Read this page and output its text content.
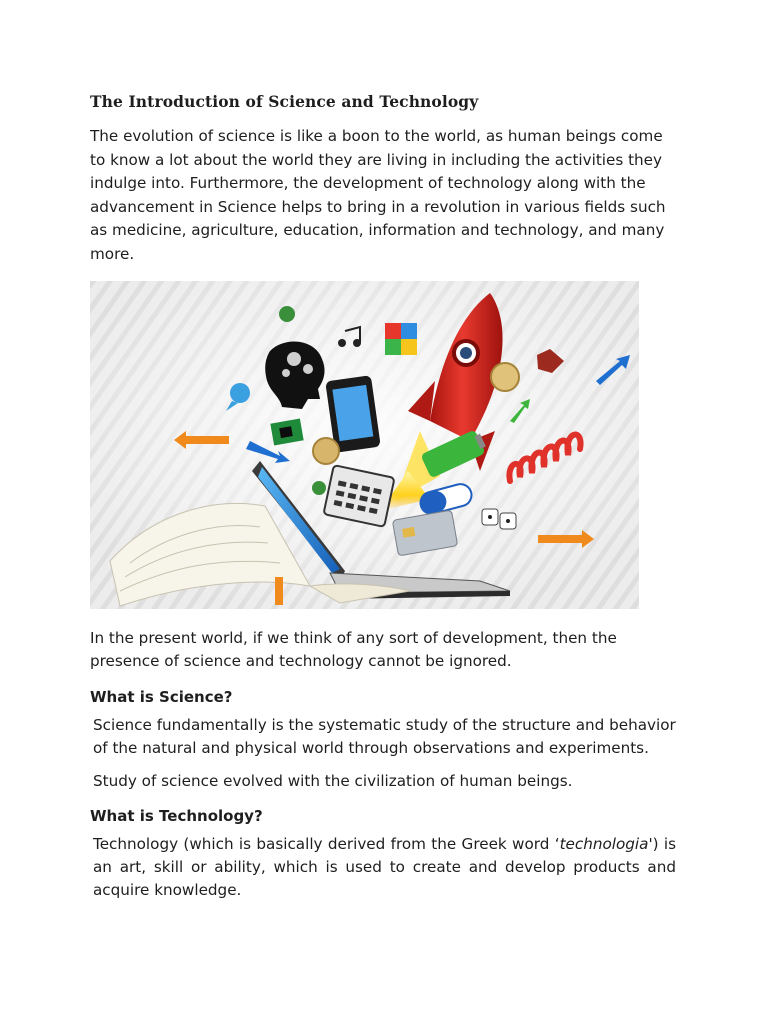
The Introduction of Science and Technology

The evolution of science is like a boon to the world, as human beings come to know a lot about the world they are living in including the activities they indulge into. Furthermore, the development of technology along with the advancement in Science helps to bring in a revolution in various fields such as medicine, agriculture, education, information and technology, and many more.

In the present world, if we think of any sort of development, then the presence of science and technology cannot be ignored.

What is Science?

Science fundamentally is the systematic study of the structure and behavior of the natural and physical world through observations and experiments.

Study of science evolved with the civilization of human beings.

What is Technology?

Technology (which is basically derived from the Greek word ‘technologia') is an art, skill or ability, which is used to create and develop products and acquire knowledge.
